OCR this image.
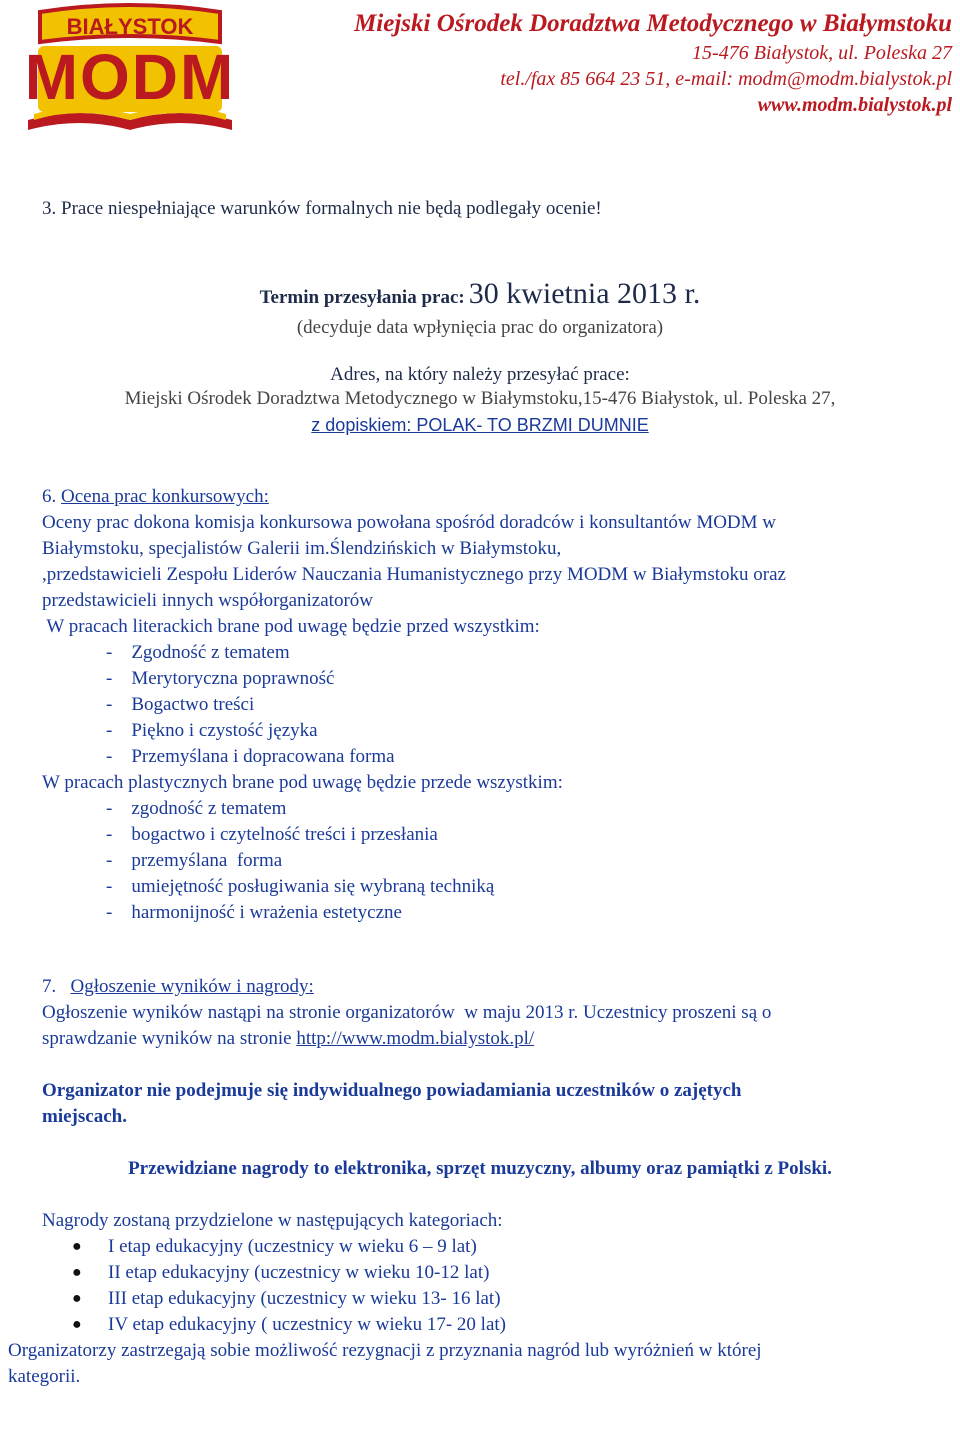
BIAŁYSTOK
MODM
Miejski Ośrodek Doradztwa Metodycznego w Białymstoku
15-476 Białystok, ul. Poleska 27
tel./fax 85 664 23 51, e-mail: modm@modm.bialystok.pl
www.modm.bialystok.pl
3. Prace niespełniające warunków formalnych nie będą podlegały ocenie!
Termin przesyłania prac: 30 kwietnia 2013 r.
(decyduje data wpłynięcia prac do organizatora)
Adres, na który należy przesyłać prace:
Miejski Ośrodek Doradztwa Metodycznego w Białymstoku,15-476 Białystok, ul. Poleska 27,
z dopiskiem: POLAK- TO BRZMI DUMNIE
6. Ocena prac konkursowych:
Oceny prac dokona komisja konkursowa powołana spośród doradców i konsultantów MODM w
Białymstoku, specjalistów Galerii im.Ślendzińskich w Białymstoku,
,przedstawicieli Zespołu Liderów Nauczania Humanistycznego przy MODM w Białymstoku oraz
przedstawicieli innych współorganizatorów
W pracach literackich brane pod uwagę będzie przed wszystkim:
-    Zgodność z tematem
-    Merytoryczna poprawność
-    Bogactwo treści
-    Piękno i czystość języka
-    Przemyślana i dopracowana forma
W pracach plastycznych brane pod uwagę będzie przede wszystkim:
-    zgodność z tematem
-    bogactwo i czytelność treści i przesłania
-    przemyślana  forma
-    umiejętność posługiwania się wybraną techniką
-    harmonijność i wrażenia estetyczne
7. Ogłoszenie wyników i nagrody:
Ogłoszenie wyników nastąpi na stronie organizatorów  w maju 2013 r. Uczestnicy proszeni są o
sprawdzanie wyników na stronie http://www.modm.bialystok.pl/
Organizator nie podejmuje się indywidualnego powiadamiania uczestników o zajętych
miejscach.
Przewidziane nagrody to elektronika, sprzęt muzyczny, albumy oraz pamiątki z Polski.
Nagrody zostaną przydzielone w następujących kategoriach:
● I etap edukacyjny (uczestnicy w wieku 6 – 9 lat)
● II etap edukacyjny (uczestnicy w wieku 10-12 lat)
● III etap edukacyjny (uczestnicy w wieku 13- 16 lat)
● IV etap edukacyjny ( uczestnicy w wieku 17- 20 lat)
Organizatorzy zastrzegają sobie możliwość rezygnacji z przyznania nagród lub wyróżnień w której
kategorii.
